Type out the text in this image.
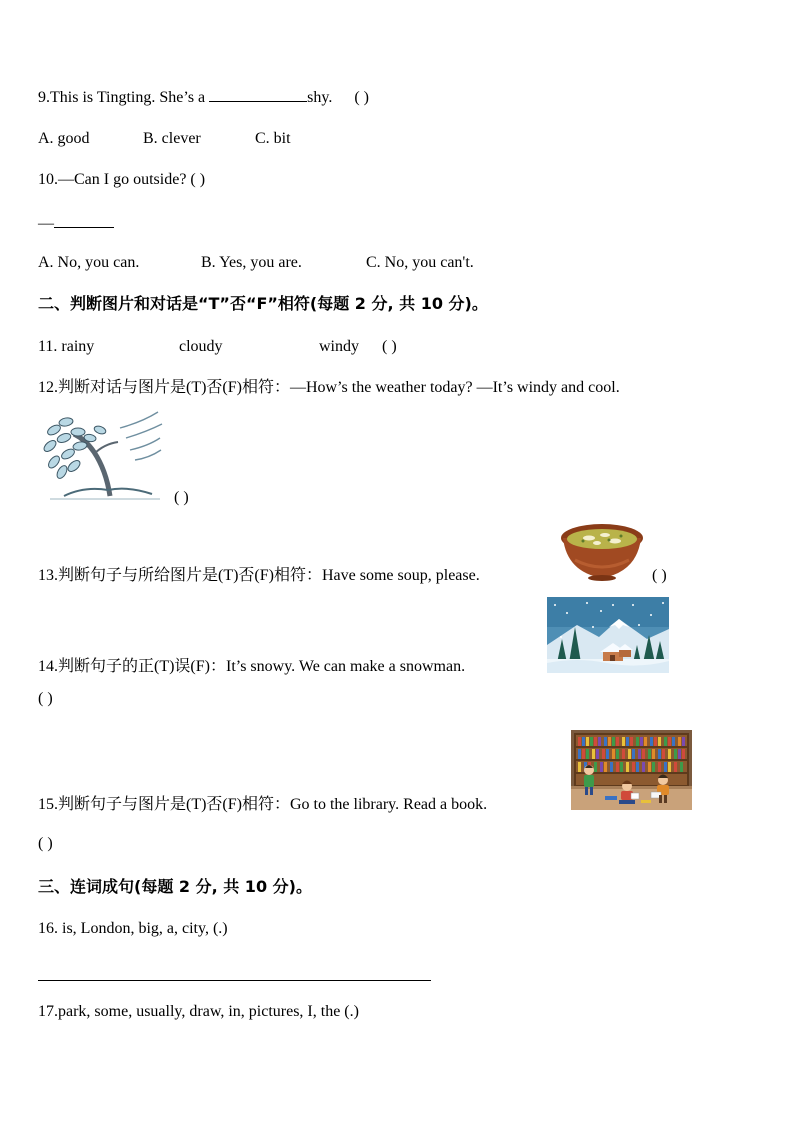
9.This is Tingting. She’s a	shy. ( )
A. good	B. clever	C. bit
10.—Can I go outside? ( )
—
A. No, you can.	B. Yes, you are.	C. No, you can't.
二、判断图片和对话是“T”否“F”相符(每题 2 分, 共 10 分)。
11. rainy	cloudy	windy ( )
12.判断对话与图片是(T)否(F)相符：—How’s the weather today? —It’s windy and cool.
( )
13.判断句子与所给图片是(T)否(F)相符：Have some soup, please.	( )
14.判断句子的正(T)误(F)：It’s snowy. We can make a snowman.
( )
15.判断句子与图片是(T)否(F)相符：Go to the library. Read a book.
( )
三、连词成句(每题 2 分, 共 10 分)。
16. is, London, big, a, city, (.)
17.park, some, usually, draw, in, pictures, I, the (.)
